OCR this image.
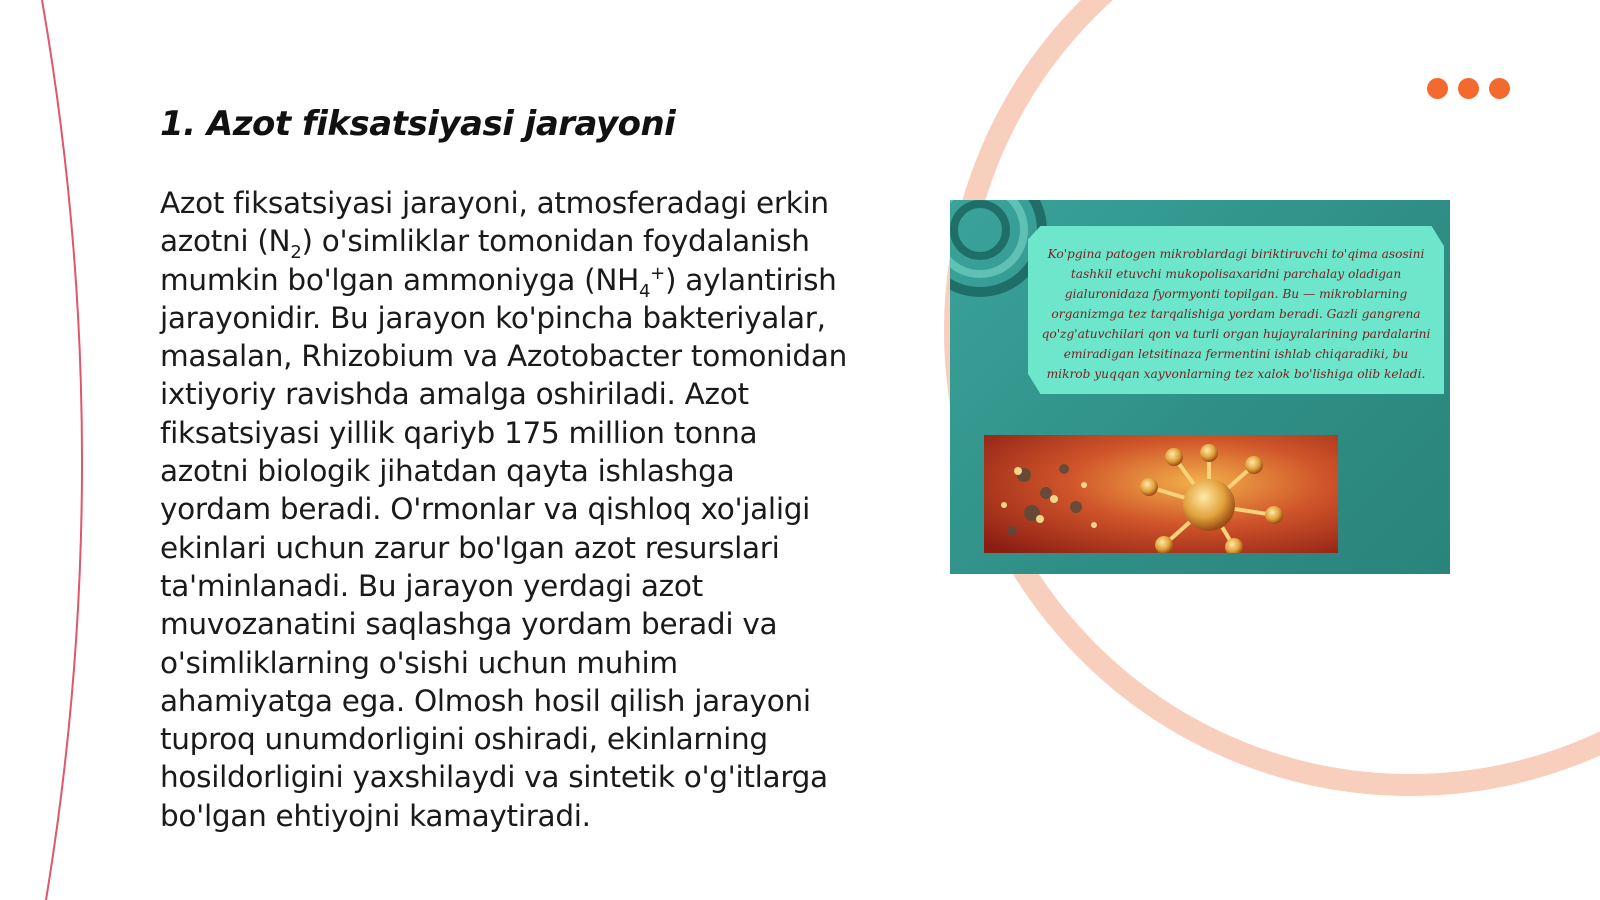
1. Azot fiksatsiyasi jarayoni

Azot fiksatsiyasi jarayoni, atmosferadagi erkin azotni $(N_2)$ o'simliklar tomonidan foydalanish mumkin bo'lgan ammoniyga $(NH_4^+)$ aylantirish jarayonidir. Bu jarayon ko'pincha bakteriyalar, masalan, Rhizobium va Azotobacter tomonidan ixtiyoriy ravishda amalga oshiriladi. Azot fiksatsiyasi yillik qariyb 175 million tonna azotni biologik jihatdan qayta ishlashga yordam beradi. O'rmonlar va qishloq xo'jaligi ekinlari uchun zarur bo'lgan azot resurslari ta'minlanadi. Bu jarayon yerdagi azot muvozanatini saqlashga yordam beradi va o'simliklarning o'sishi uchun muhim ahamiyatga ega. Olmosh hosil qilish jarayoni tuproq unumdorligini oshiradi, ekinlarning hosildorligini yaxshilaydi va sintetik o'g'itlarga bo'lgan ehtiyojni kamaytiradi.

Ko'pgina patogen mikroblardagi biriktiruvchi to'qima asosini tashkil etuvchi mukopolisaxaridni parchalay oladigan gialuronidaza fyormyonti topilgan. Bu — mikroblarning organizmga tez tarqalishiga yordam beradi. Gazli gangrena qo'zg'atuvchilari qon va turli organ hujayralarining pardalarini emiradigan letsitinaza fermentini ishlab chiqaradiki, bu mikrob yuqqan xayvonlarning tez xalok bo'lishiga olib keladi.
